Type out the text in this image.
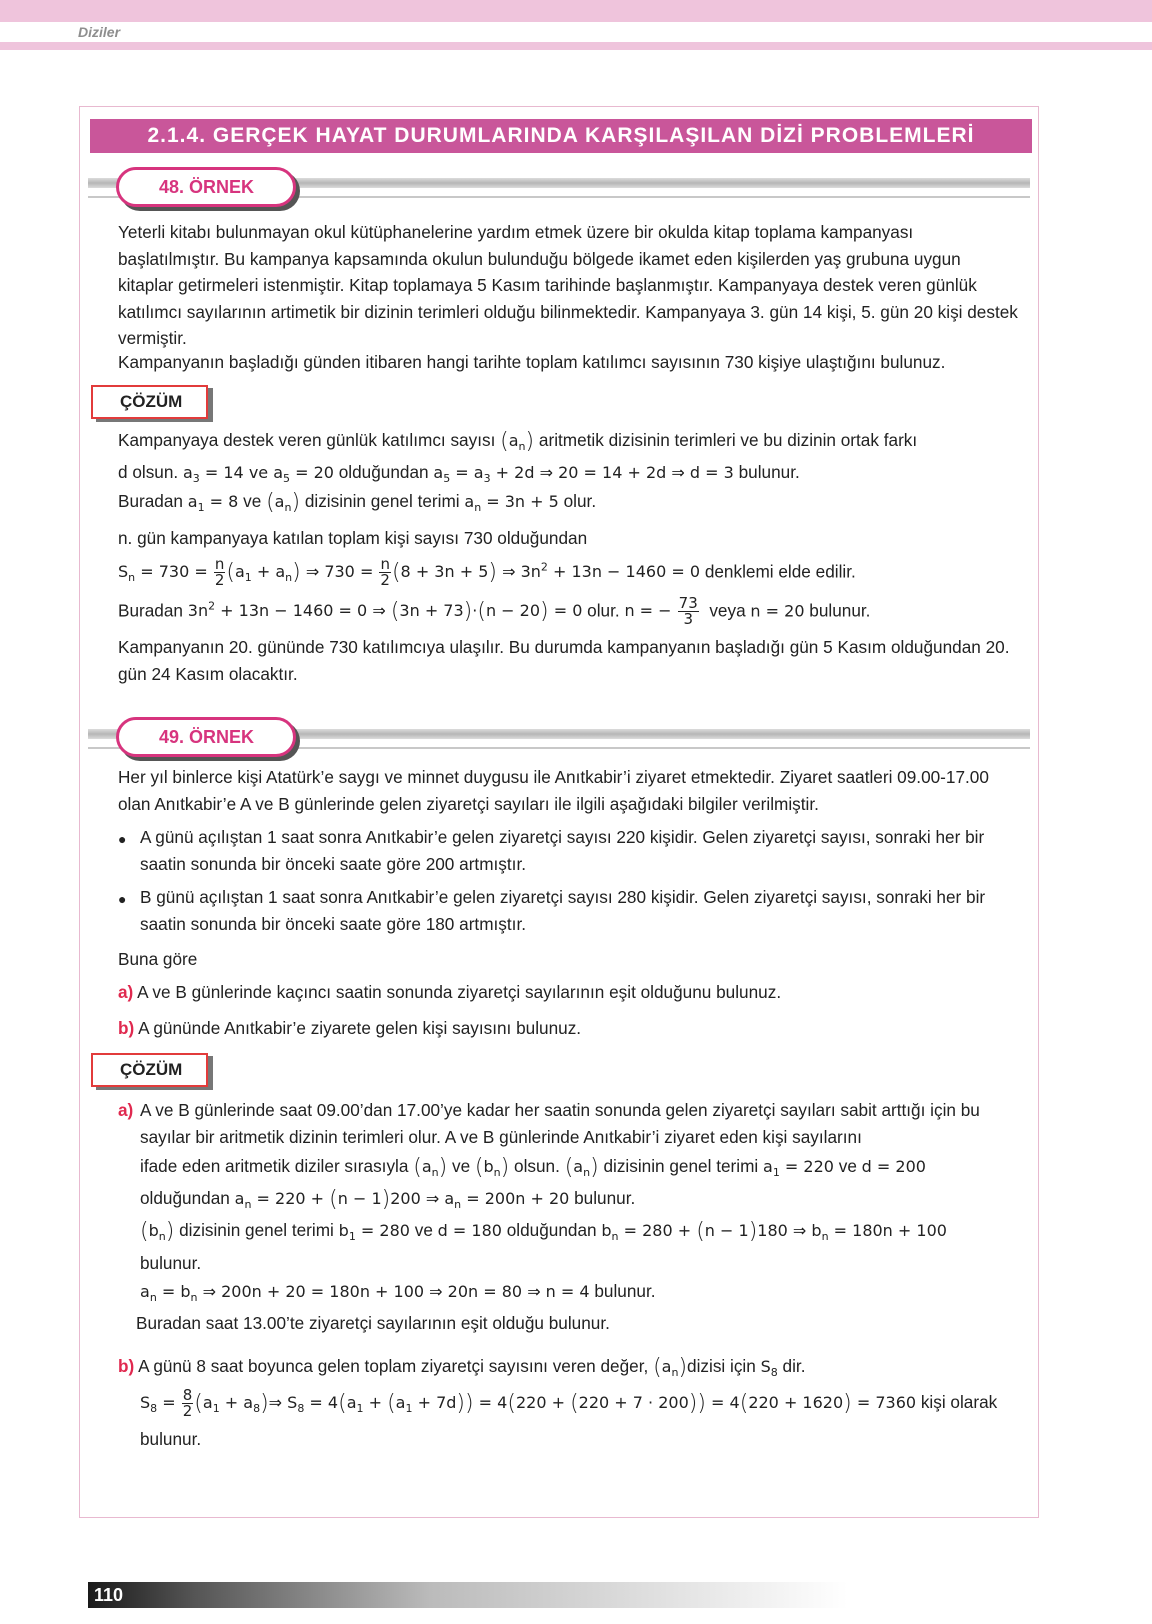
Diziler
2.1.4. GERÇEK HAYAT DURUMLARINDA KARŞILAŞILAN DİZİ PROBLEMLERİ
48. ÖRNEK

Yeterli kitabı bulunmayan okul kütüphanelerine yardım etmek üzere bir okulda kitap toplama kampanyası başlatılmıştır. Bu kampanya kapsamında okulun bulunduğu bölgede ikamet eden kişilerden yaş grubuna uygun kitaplar getirmeleri istenmiştir. Kitap toplamaya 5 Kasım tarihinde başlanmıştır. Kampanyaya destek veren günlük katılımcı sayılarının artimetik bir dizinin terimleri olduğu bilinmektedir. Kampanyaya 3. gün 14 kişi, 5. gün 20 kişi destek vermiştir.

Kampanyanın başladığı günden itibaren hangi tarihte toplam katılımcı sayısının 730 kişiye ulaştığını bulunuz.

ÇÖZÜM
Kampanyaya destek veren günlük katılımcı sayısı $(a_n)$ aritmetik dizisinin terimleri ve bu dizinin ortak farkı
d olsun. $a_3 = 14$ ve $a_5 = 20$ olduğundan $a_5 = a_3 + 2d$ ⇒ 20 = 14 + 2d ⇒ d = 3 bulunur.
Buradan $a_1 = 8$ ve $(a_n)$ dizisinin genel terimi $a_n = 3n + 5$ olur.
n. gün kampanyaya katılan toplam kişi sayısı 730 olduğundan
$S_n = 730 = \frac{n}{2} (a_1 + a_n)$ ⇒ $730 = \frac{n}{2} (8 + 3n + 5)$ ⇒ $3n^2 + 13n - 1460 = 0$ denklemi elde edilir.
Buradan $3n^2 + 13n - 1460 = 0$ ⇒ (3n + 73)·(n − 20) = 0 olur. n = − $\frac{73}{3}$ veya n = 20 bulunur.

Kampanyanın 20. gününde 730 katılımcıya ulaşılır. Bu durumda kampanyanın başladığı gün 5 Kasım olduğundan 20. gün 24 Kasım olacaktır.

49. ÖRNEK

Her yıl binlerce kişi Atatürk’e saygı ve minnet duygusu ile Anıtkabir’i ziyaret etmektedir. Ziyaret saatleri 09.00-17.00 olan Anıtkabir’e A ve B günlerinde gelen ziyaretçi sayıları ile ilgili aşağıdaki bilgiler verilmiştir.

● A günü açılıştan 1 saat sonra Anıtkabir’e gelen ziyaretçi sayısı 220 kişidir. Gelen ziyaretçi sayısı, sonraki her bir saatin sonunda bir önceki saate göre 200 artmıştır.

● B günü açılıştan 1 saat sonra Anıtkabir’e gelen ziyaretçi sayısı 280 kişidir. Gelen ziyaretçi sayısı, sonraki her bir saatin sonunda bir önceki saate göre 180 artmıştır.

Buna göre

a) A ve B günlerinde kaçıncı saatin sonunda ziyaretçi sayılarının eşit olduğunu bulunuz.
b) A gününde Anıtkabir’e ziyarete gelen kişi sayısını bulunuz.
ÇÖZÜM
a) A ve B günlerinde saat 09.00’dan 17.00’ye kadar her saatin sonunda gelen ziyaretçi sayıları sabit arttığı için bu sayılar bir aritmetik dizinin terimleri olur. A ve B günlerinde Anıtkabir’i ziyaret eden kişi sayılarını

ifade eden aritmetik diziler sırasıyla $(a_n)$ ve $(b_n)$ olsun. $(a_n)$ dizisinin genel terimi $a_1 = 220$ ve d = 200
olduğundan $a_n = 220 + (n - 1)200$ ⇒ $a_n = 200n + 20$ bulunur.
$(b_n)$ dizisinin genel terimi $b_1 = 280$ ve d = 180 olduğundan $b_n = 280 + (n - 1)180$ ⇒ $b_n = 180n + 100$
bulunur.
$a_n = b_n$ ⇒ 200n + 20 = 180n + 100 ⇒ 20n = 80 ⇒ n = 4 bulunur.

Buradan saat 13.00’te ziyaretçi sayılarının eşit olduğu bulunur.

b) A günü 8 saat boyunca gelen toplam ziyaretçi sayısını veren değer, $(a_n)dizisi$ için $S_8$ dir.
$S_8 = \frac{8}{2} (a_1$ + $a_8)\Rightarrow$ $S_8 = 4(a_1 + (a_1 + 7d)) = 4(220 + (220 + 7 \cdot 200)) = 4(220 + 1620) = 7360$ kişi olarak
bulunur.
110
